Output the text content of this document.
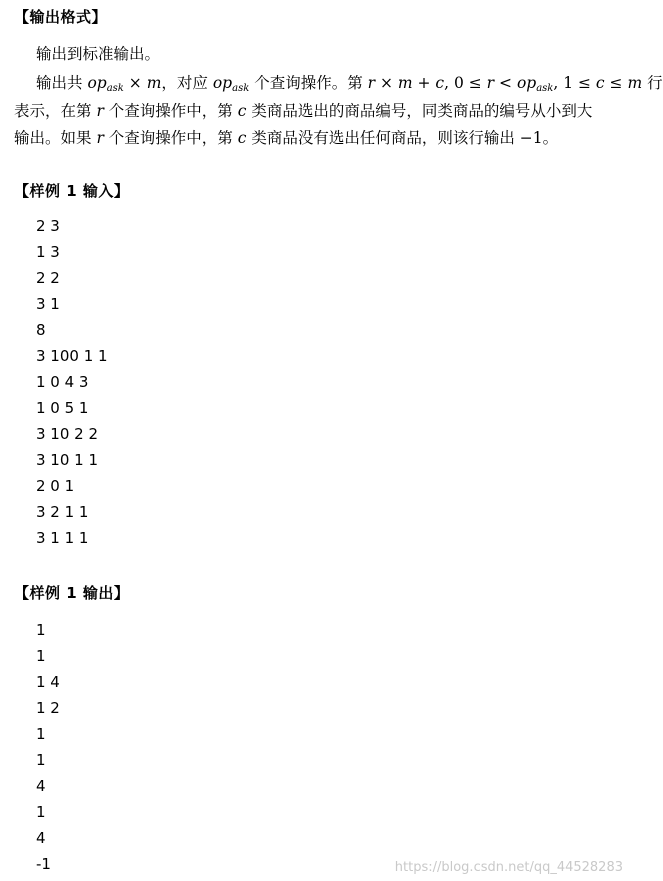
【输出格式】
输出到标准输出。
输出共 $op_{ask} \times m$，对应 $op_{ask}$ 个查询操作。第 r × m + c, $0 \le r < op_{ask}$, 1 ≤ c ≤ m 行
表示，在第 r 个查询操作中，第 c 类商品选出的商品编号，同类商品的编号从小到大
输出。如果 r 个查询操作中，第 c 类商品没有选出任何商品，则该行输出 −1。
【样例 1 输入】
2 3
1 3
2 2
3 1
8
3 100 1 1
1 0 4 3
1 0 5 1
3 10 2 2
3 10 1 1
2 0 1
3 2 1 1
3 1 1 1
【样例 1 输出】
1
1
1 4
1 2
1
1
4
1
4
-1	https://blog.csdn.net/qq_44528283
